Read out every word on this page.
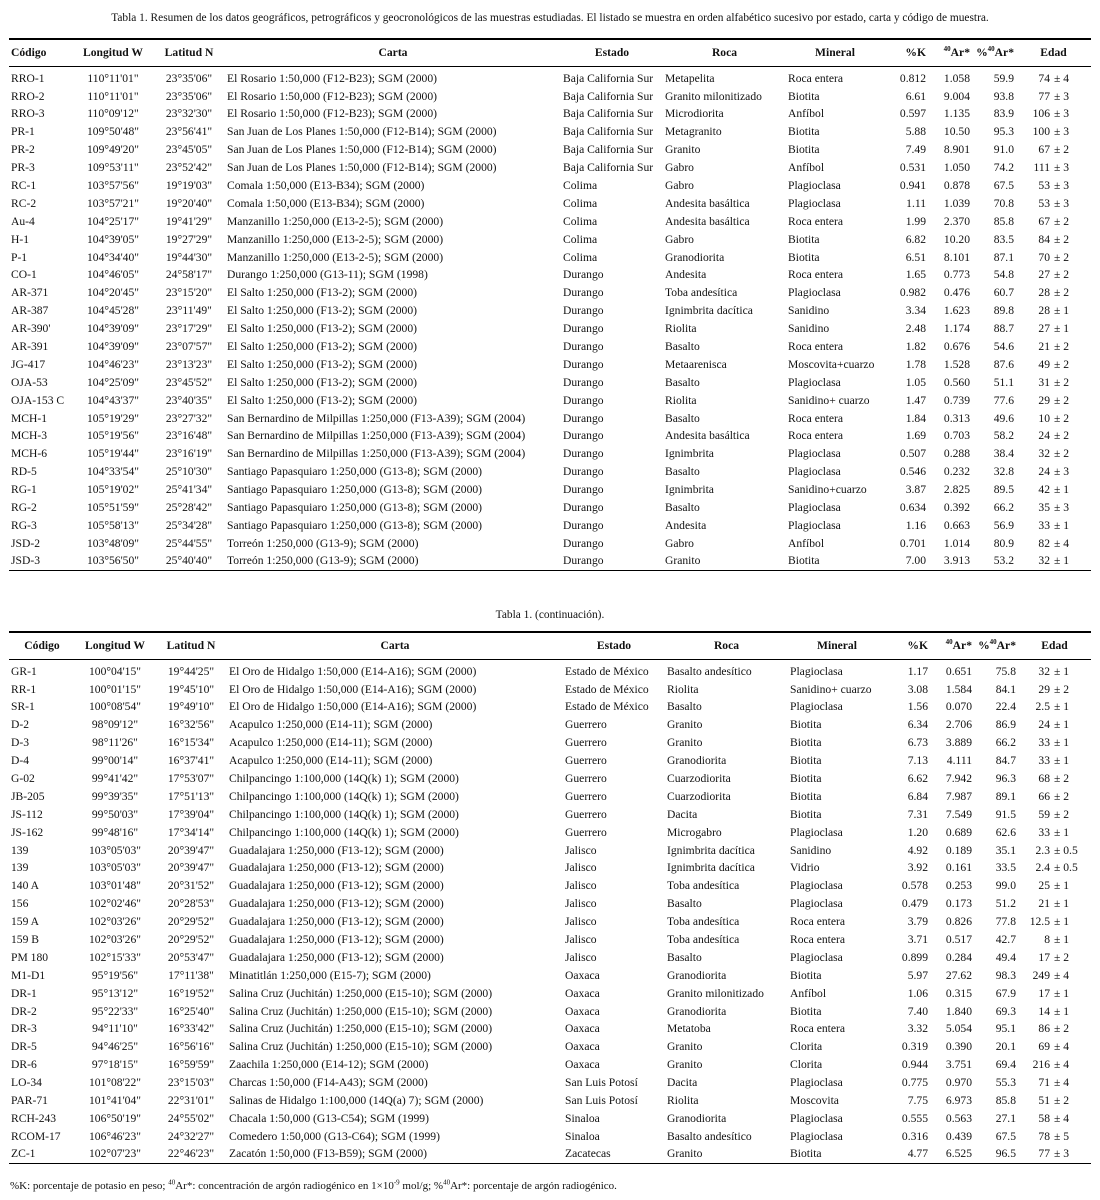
Tabla 1. Resumen de los datos geográficos, petrográficos y geocronológicos de las muestras estudiadas. El listado se muestra en orden alfabético sucesivo por estado, carta y código de muestra.
Código	Longitud W	Latitud N	Carta	Estado	Roca	Mineral	%K	$^{40}$Ar*	%$^{40}$Ar*	Edad	

RRO-1	110°11'01"	23°35'06"	El Rosario 1:50,000 (F12-B23); SGM (2000)	Baja California Sur	Metapelita	Roca entera	0.812	1.058	59.9	74	± 4
RRO-2	110°11'01"	23°35'06"	El Rosario 1:50,000 (F12-B23); SGM (2000)	Baja California Sur	Granito milonitizado	Biotita	6.61	9.004	93.8	77	± 3
RRO-3	110°09'12"	23°32'30"	El Rosario 1:50,000 (F12-B23); SGM (2000)	Baja California Sur	Microdiorita	Anfíbol	0.597	1.135	83.9	106	± 3
PR-1	109°50'48"	23°56'41"	San Juan de Los Planes 1:50,000 (F12-B14); SGM (2000)	Baja California Sur	Metagranito	Biotita	5.88	10.50	95.3	100	± 3
PR-2	109°49'20"	23°45'05"	San Juan de Los Planes 1:50,000 (F12-B14); SGM (2000)	Baja California Sur	Granito	Biotita	7.49	8.901	91.0	67	± 2
PR-3	109°53'11"	23°52'42"	San Juan de Los Planes 1:50,000 (F12-B14); SGM (2000)	Baja California Sur	Gabro	Anfíbol	0.531	1.050	74.2	111	± 3
RC-1	103°57'56"	19°19'03"	Comala 1:50,000 (E13-B34); SGM (2000)	Colima	Gabro	Plagioclasa	0.941	0.878	67.5	53	± 3
RC-2	103°57'21"	19°20'40"	Comala 1:50,000 (E13-B34); SGM (2000)	Colima	Andesita basáltica	Plagioclasa	1.11	1.039	70.8	53	± 3
Au-4	104°25'17"	19°41'29"	Manzanillo 1:250,000 (E13-2-5); SGM (2000)	Colima	Andesita basáltica	Roca entera	1.99	2.370	85.8	67	± 2
H-1	104°39'05"	19°27'29"	Manzanillo 1:250,000 (E13-2-5); SGM (2000)	Colima	Gabro	Biotita	6.82	10.20	83.5	84	± 2
P-1	104°34'40"	19°44'30"	Manzanillo 1:250,000 (E13-2-5); SGM (2000)	Colima	Granodiorita	Biotita	6.51	8.101	87.1	70	± 2
CO-1	104°46'05"	24°58'17"	Durango 1:250,000 (G13-11); SGM (1998)	Durango	Andesita	Roca entera	1.65	0.773	54.8	27	± 2
AR-371	104°20'45"	23°15'20"	El Salto 1:250,000 (F13-2); SGM (2000)	Durango	Toba andesítica	Plagioclasa	0.982	0.476	60.7	28	± 2
AR-387	104°45'28"	23°11'49"	El Salto 1:250,000 (F13-2); SGM (2000)	Durango	Ignimbrita dacítica	Sanidino	3.34	1.623	89.8	28	± 1
AR-390'	104°39'09"	23°17'29"	El Salto 1:250,000 (F13-2); SGM (2000)	Durango	Riolita	Sanidino	2.48	1.174	88.7	27	± 1
AR-391	104°39'09"	23°07'57"	El Salto 1:250,000 (F13-2); SGM (2000)	Durango	Basalto	Roca entera	1.82	0.676	54.6	21	± 2
JG-417	104°46'23"	23°13'23"	El Salto 1:250,000 (F13-2); SGM (2000)	Durango	Metaarenisca	Moscovita+cuarzo	1.78	1.528	87.6	49	± 2
OJA-53	104°25'09"	23°45'52"	El Salto 1:250,000 (F13-2); SGM (2000)	Durango	Basalto	Plagioclasa	1.05	0.560	51.1	31	± 2
OJA-153 C	104°43'37"	23°40'35"	El Salto 1:250,000 (F13-2); SGM (2000)	Durango	Riolita	Sanidino+ cuarzo	1.47	0.739	77.6	29	± 2
MCH-1	105°19'29"	23°27'32"	San Bernardino de Milpillas 1:250,000 (F13-A39); SGM (2004)	Durango	Basalto	Roca entera	1.84	0.313	49.6	10	± 2
MCH-3	105°19'56"	23°16'48"	San Bernardino de Milpillas 1:250,000 (F13-A39); SGM (2004)	Durango	Andesita basáltica	Roca entera	1.69	0.703	58.2	24	± 2
MCH-6	105°19'44"	23°16'19"	San Bernardino de Milpillas 1:250,000 (F13-A39); SGM (2004)	Durango	Ignimbrita	Plagioclasa	0.507	0.288	38.4	32	± 2
RD-5	104°33'54"	25°10'30"	Santiago Papasquiaro 1:250,000 (G13-8); SGM (2000)	Durango	Basalto	Plagioclasa	0.546	0.232	32.8	24	± 3
RG-1	105°19'02"	25°41'34"	Santiago Papasquiaro 1:250,000 (G13-8); SGM (2000)	Durango	Ignimbrita	Sanidino+cuarzo	3.87	2.825	89.5	42	± 1
RG-2	105°51'59"	25°28'42"	Santiago Papasquiaro 1:250,000 (G13-8); SGM (2000)	Durango	Basalto	Plagioclasa	0.634	0.392	66.2	35	± 3
RG-3	105°58'13"	25°34'28"	Santiago Papasquiaro 1:250,000 (G13-8); SGM (2000)	Durango	Andesita	Plagioclasa	1.16	0.663	56.9	33	± 1
JSD-2	103°48'09"	25°44'55"	Torreón 1:250,000 (G13-9); SGM (2000)	Durango	Gabro	Anfíbol	0.701	1.014	80.9	82	± 4
JSD-3	103°56'50"	25°40'40"	Torreón 1:250,000 (G13-9); SGM (2000)	Durango	Granito	Biotita	7.00	3.913	53.2	32	± 1
Tabla 1. (continuación).
Código	Longitud W	Latitud N	Carta	Estado	Roca	Mineral	%K	$^{40}$Ar*	%$^{40}$Ar*	Edad	

GR-1	100°04'15"	19°44'25"	El Oro de Hidalgo 1:50,000 (E14-A16); SGM (2000)	Estado de México	Basalto andesítico	Plagioclasa	1.17	0.651	75.8	32	± 1
RR-1	100°01'15"	19°45'10"	El Oro de Hidalgo 1:50,000 (E14-A16); SGM (2000)	Estado de México	Riolita	Sanidino+ cuarzo	3.08	1.584	84.1	29	± 2
SR-1	100°08'54"	19°49'10"	El Oro de Hidalgo 1:50,000 (E14-A16); SGM (2000)	Estado de México	Basalto	Plagioclasa	1.56	0.070	22.4	2.5	± 1
D-2	98°09'12"	16°32'56"	Acapulco 1:250,000 (E14-11); SGM (2000)	Guerrero	Granito	Biotita	6.34	2.706	86.9	24	± 1
D-3	98°11'26"	16°15'34"	Acapulco 1:250,000 (E14-11); SGM (2000)	Guerrero	Granito	Biotita	6.73	3.889	66.2	33	± 1
D-4	99°00'14"	16°37'41"	Acapulco 1:250,000 (E14-11); SGM (2000)	Guerrero	Granodiorita	Biotita	7.13	4.111	84.7	33	± 1
G-02	99°41'42"	17°53'07"	Chilpancingo 1:100,000 (14Q(k) 1); SGM (2000)	Guerrero	Cuarzodiorita	Biotita	6.62	7.942	96.3	68	± 2
JB-205	99°39'35"	17°51'13"	Chilpancingo 1:100,000 (14Q(k) 1); SGM (2000)	Guerrero	Cuarzodiorita	Biotita	6.84	7.987	89.1	66	± 2
JS-112	99°50'03"	17°39'04"	Chilpancingo 1:100,000 (14Q(k) 1); SGM (2000)	Guerrero	Dacita	Biotita	7.31	7.549	91.5	59	± 2
JS-162	99°48'16"	17°34'14"	Chilpancingo 1:100,000 (14Q(k) 1); SGM (2000)	Guerrero	Microgabro	Plagioclasa	1.20	0.689	62.6	33	± 1
139	103°05'03"	20°39'47"	Guadalajara 1:250,000 (F13-12); SGM (2000)	Jalisco	Ignimbrita dacítica	Sanidino	4.92	0.189	35.1	2.3	± 0.5
139	103°05'03"	20°39'47"	Guadalajara 1:250,000 (F13-12); SGM (2000)	Jalisco	Ignimbrita dacítica	Vidrio	3.92	0.161	33.5	2.4	± 0.5
140 A	103°01'48"	20°31'52"	Guadalajara 1:250,000 (F13-12); SGM (2000)	Jalisco	Toba andesítica	Plagioclasa	0.578	0.253	99.0	25	± 1
156	102°02'46"	20°28'53"	Guadalajara 1:250,000 (F13-12); SGM (2000)	Jalisco	Basalto	Plagioclasa	0.479	0.173	51.2	21	± 1
159 A	102°03'26"	20°29'52"	Guadalajara 1:250,000 (F13-12); SGM (2000)	Jalisco	Toba andesítica	Roca entera	3.79	0.826	77.8	12.5	± 1
159 B	102°03'26"	20°29'52"	Guadalajara 1:250,000 (F13-12); SGM (2000)	Jalisco	Toba andesítica	Roca entera	3.71	0.517	42.7	8	± 1
PM 180	102°15'33"	20°53'47"	Guadalajara 1:250,000 (F13-12); SGM (2000)	Jalisco	Basalto	Plagioclasa	0.899	0.284	49.4	17	± 2
M1-D1	95°19'56"	17°11'38"	Minatitlán 1:250,000 (E15-7); SGM (2000)	Oaxaca	Granodiorita	Biotita	5.97	27.62	98.3	249	± 4
DR-1	95°13'12"	16°19'52"	Salina Cruz (Juchitán) 1:250,000 (E15-10); SGM (2000)	Oaxaca	Granito milonitizado	Anfíbol	1.06	0.315	67.9	17	± 1
DR-2	95°22'33"	16°25'40"	Salina Cruz (Juchitán) 1:250,000 (E15-10); SGM (2000)	Oaxaca	Granodiorita	Biotita	7.40	1.840	69.3	14	± 1
DR-3	94°11'10"	16°33'42"	Salina Cruz (Juchitán) 1:250,000 (E15-10); SGM (2000)	Oaxaca	Metatoba	Roca entera	3.32	5.054	95.1	86	± 2
DR-5	94°46'25"	16°56'16"	Salina Cruz (Juchitán) 1:250,000 (E15-10); SGM (2000)	Oaxaca	Granito	Clorita	0.319	0.390	20.1	69	± 4
DR-6	97°18'15"	16°59'59"	Zaachila 1:250,000 (E14-12); SGM (2000)	Oaxaca	Granito	Clorita	0.944	3.751	69.4	216	± 4
LO-34	101°08'22"	23°15'03"	Charcas 1:50,000 (F14-A43); SGM (2000)	San Luis Potosí	Dacita	Plagioclasa	0.775	0.970	55.3	71	± 4
PAR-71	101°41'04"	22°31'01"	Salinas de Hidalgo 1:100,000 (14Q(a) 7); SGM (2000)	San Luis Potosí	Riolita	Moscovita	7.75	6.973	85.8	51	± 2
RCH-243	106°50'19"	24°55'02"	Chacala 1:50,000 (G13-C54); SGM (1999)	Sinaloa	Granodiorita	Plagioclasa	0.555	0.563	27.1	58	± 4
RCOM-17	106°46'23"	24°32'27"	Comedero 1:50,000 (G13-C64); SGM (1999)	Sinaloa	Basalto andesítico	Plagioclasa	0.316	0.439	67.5	78	± 5
ZC-1	102°07'23"	22°46'23"	Zacatón 1:50,000 (F13-B59); SGM (2000)	Zacatecas	Granito	Biotita	4.77	6.525	96.5	77	± 3
%K: porcentaje de potasio en peso; $^{40}$Ar*: concentración de argón radiogénico en $1\times 10^{-9}$ mol/g; %$^{40}$Ar*: porcentaje de argón radiogénico.
